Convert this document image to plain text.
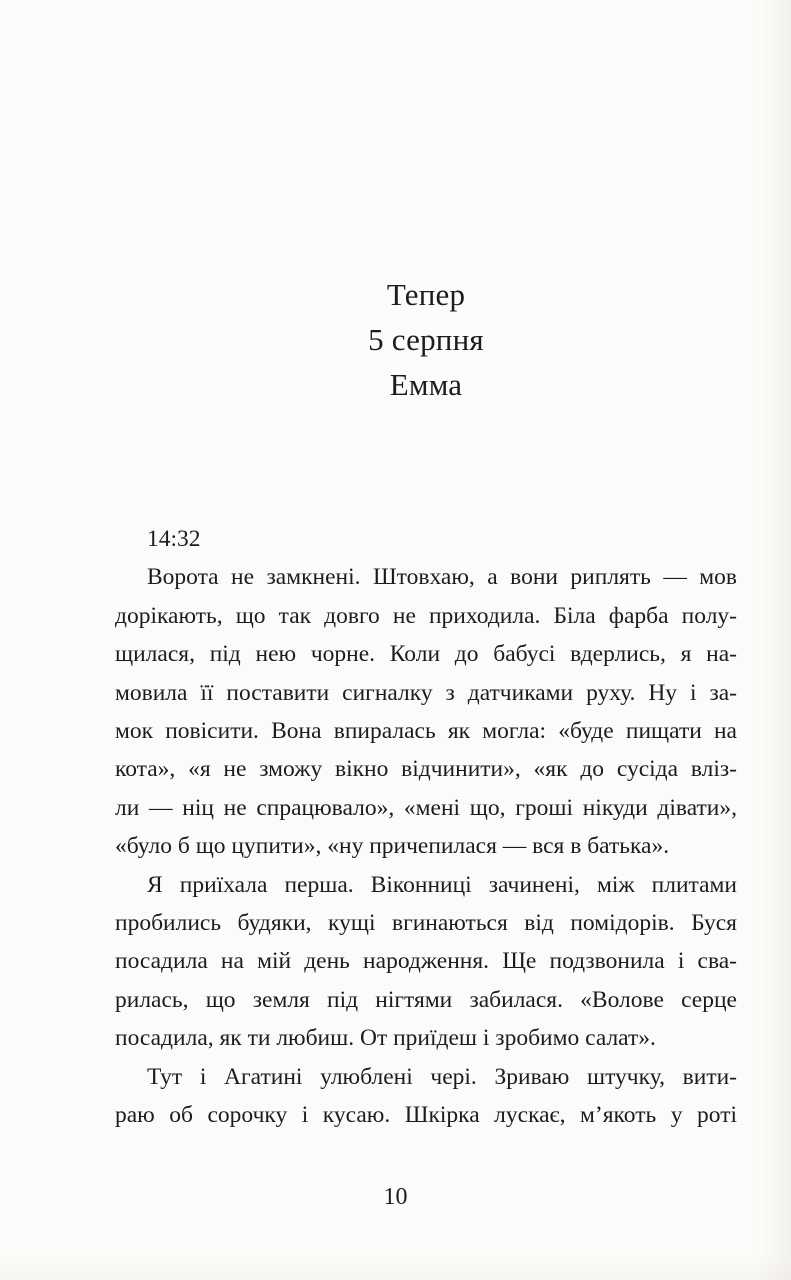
Тепер
5 серпня
Емма
14:32
Ворота не замкнені. Штовхаю, а вони риплять — мов
дорікають, що так довго не приходила. Біла фарба полу-
щилася, під нею чорне. Коли до бабусі вдерлись, я на-
мовила її поставити сигналку з датчиками руху. Ну і за-
мок повісити. Вона впиралась як могла: «буде пищати на
кота», «я не зможу вікно відчинити», «як до сусіда вліз-
ли — ніц не спрацювало», «мені що, гроші нікуди дівати»,
«було б що цупити», «ну причепилася — вся в батька».
Я приїхала перша. Віконниці зачинені, між плитами
пробились будяки, кущі вгинаються від помідорів. Буся
посадила на мій день народження. Ще подзвонила і сва-
рилась, що земля під нігтями забилася. «Волове серце
посадила, як ти любиш. От приїдеш і зробимо салат».
Тут і Агатині улюблені чері. Зриваю штучку, вити-
раю об сорочку і кусаю. Шкірка лускає, м’якоть у роті
10
